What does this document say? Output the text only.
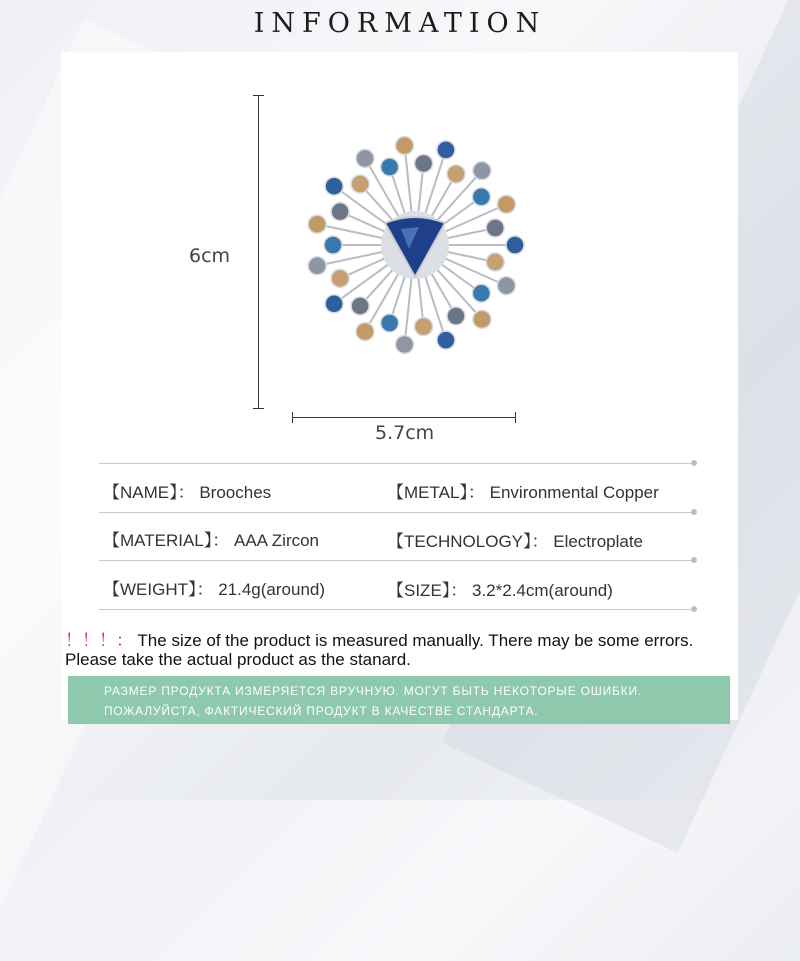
INFORMATION
6cm
5.7cm
【NAME】： Brooches	【METAL】： Environmental Copper
【MATERIAL】： AAA Zircon	【TECHNOLOGY】： Electroplate
【WEIGHT】： 21.4g(around)	【SIZE】： 3.2*2.4cm(around)
！！！： The size of the product is measured manually. There may be some errors.
Please take the actual product as the stanard.
РАЗМЕР ПРОДУКТА ИЗМЕРЯЕТСЯ ВРУЧНУЮ. МОГУТ БЫТЬ НЕКОТОРЫЕ ОШИБКИ.
ПОЖАЛУЙСТА, ФАКТИЧЕСКИЙ ПРОДУКТ В КАЧЕСТВЕ СТАНДАРТА.
